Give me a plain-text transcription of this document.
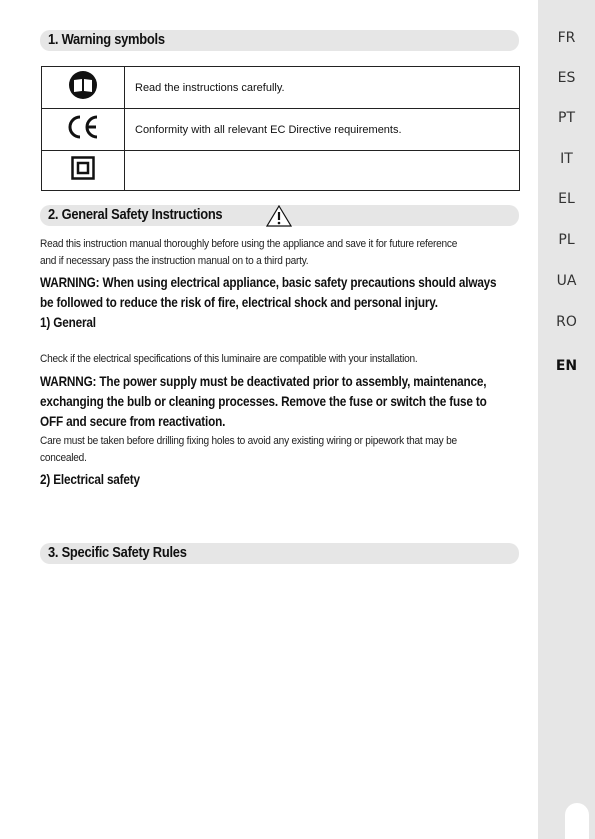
FR
ES
PT
IT
EL
PL
UA
RO
EN
1. Warning symbols
	Read the instructions carefully.
	Conformity with all relevant EC Directive requirements.

2. General Safety Instructions
Read this instruction manual thoroughly before using the appliance and save it for future reference
and if necessary pass the instruction manual on to a third party.
WARNING: When using electrical appliance, basic safety precautions should always
be followed to reduce the risk of fire, electrical shock and personal injury.
1) General
Check if the electrical specifications of this luminaire are compatible with your installation.
WARNNG: The power supply must be deactivated prior to assembly, maintenance,
exchanging the bulb or cleaning processes. Remove the fuse or switch the fuse to
OFF and secure from reactivation.
Care must be taken before drilling fixing holes to avoid any existing wiring or pipework that may be
concealed.
2) Electrical safety
3. Specific Safety Rules
